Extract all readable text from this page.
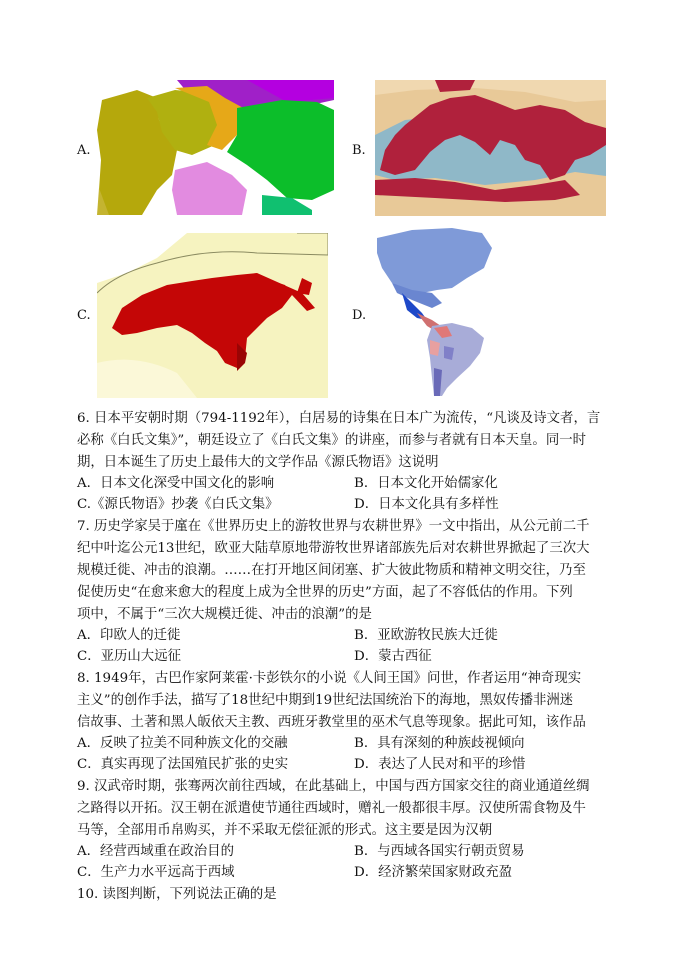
A.	B.
C.	D.
6. 日本平安朝时期（794-1192年），白居易的诗集在日本广为流传，“凡谈及诗文者，言
必称《白氏文集》”，朝廷设立了《白氏文集》的讲座，而参与者就有日本天皇。同一时
期，日本诞生了历史上最伟大的文学作品《源氏物语》这说明
A．日本文化深受中国文化的影响	B．日本文化开始儒家化
C.《源氏物语》抄袭《白氏文集》	D．日本文化具有多样性
7. 历史学家吴于廑在《世界历史上的游牧世界与农耕世界》一文中指出，从公元前二千
纪中叶迄公元13世纪，欧亚大陆草原地带游牧世界诸部族先后对农耕世界掀起了三次大
规模迁徙、冲击的浪潮。……在打开地区间闭塞、扩大彼此物质和精神文明交往，乃至
促使历史“在愈来愈大的程度上成为全世界的历史”方面，起了不容低估的作用。下列
项中，不属于“三次大规模迁徙、冲击的浪潮”的是
A．印欧人的迁徙	B．亚欧游牧民族大迁徙
C．亚历山大远征	D．蒙古西征
8. 1949年，古巴作家阿莱霍·卡彭铁尔的小说《人间王国》问世，作者运用“神奇现实
主义”的创作手法，描写了18世纪中期到19世纪法国统治下的海地，黑奴传播非洲迷
信故事、土著和黑人皈依天主教、西班牙教堂里的巫术气息等现象。据此可知，该作品
A．反映了拉美不同种族文化的交融	B．具有深刻的种族歧视倾向
C．真实再现了法国殖民扩张的史实	D．表达了人民对和平的珍惜
9. 汉武帝时期，张骞两次前往西域，在此基础上，中国与西方国家交往的商业通道丝绸
之路得以开拓。汉王朝在派遣使节通往西域时，赠礼一般都很丰厚。汉使所需食物及牛
马等，全部用币帛购买，并不采取无偿征派的形式。这主要是因为汉朝
A．经营西域重在政治目的	B．与西域各国实行朝贡贸易
C．生产力水平远高于西域	D．经济繁荣国家财政充盈
10. 读图判断，下列说法正确的是
